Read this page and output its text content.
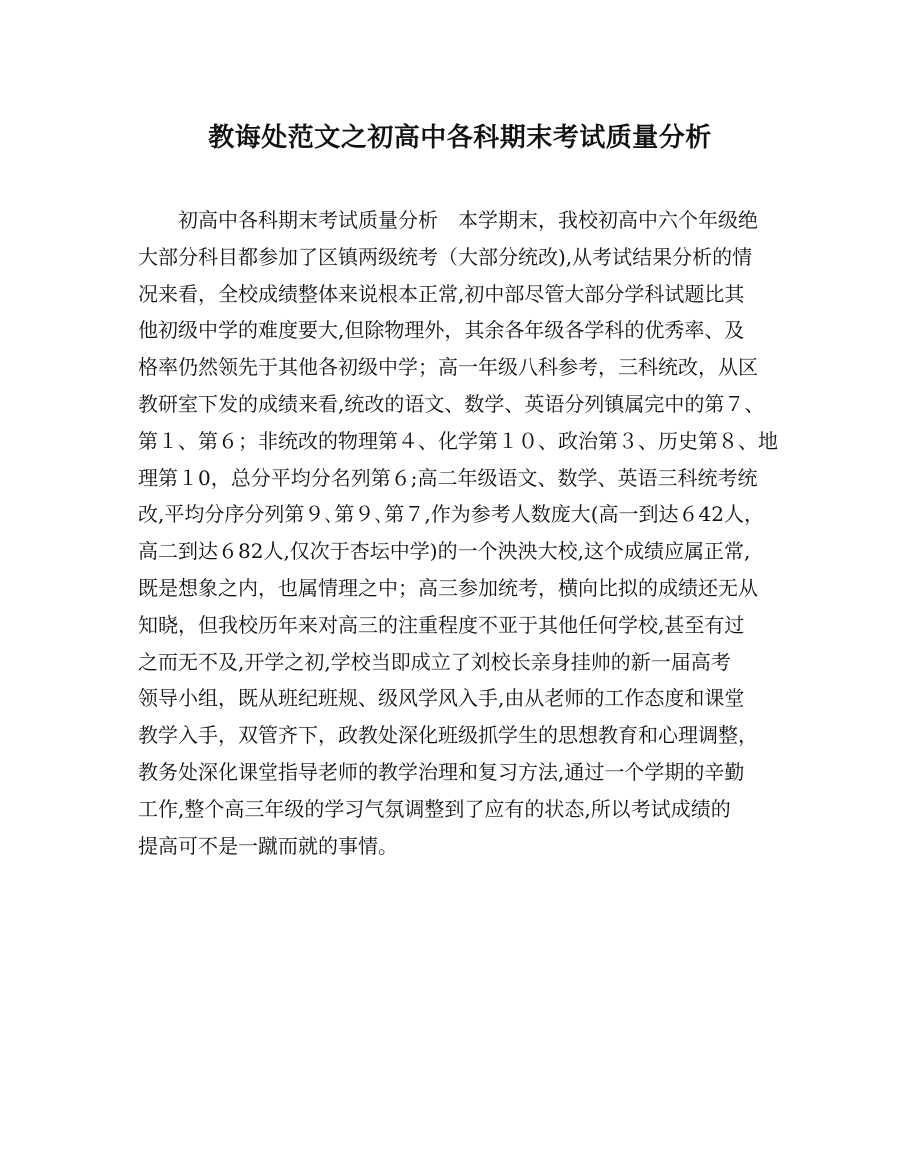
教诲处范文之初高中各科期末考试质量分析
初高中各科期末考试质量分析　本学期末，我校初高中六个年级绝
大部分科目都参加了区镇两级统考（大部分统改),从考试结果分析的情
况来看，全校成绩整体来说根本正常,初中部尽管大部分学科试题比其
他初级中学的难度要大,但除物理外，其余各年级各学科的优秀率、及
格率仍然领先于其他各初级中学；高一年级八科参考，三科统改，从区
教研室下发的成绩来看,统改的语文、数学、英语分列镇属完中的第７、
第１、第６；非统改的物理第４、化学第１０、政治第３、历史第８、地
理第１0，总分平均分名列第６;高二年级语文、数学、英语三科统考统
改,平均分序分列第９､第９､第７,作为参考人数庞大(高一到达６42人，
高二到达６82人,仅次于杏坛中学)的一个泱泱大校,这个成绩应属正常,
既是想象之内，也属情理之中；高三参加统考，横向比拟的成绩还无从
知晓，但我校历年来对高三的注重程度不亚于其他任何学校,甚至有过
之而无不及,开学之初,学校当即成立了刘校长亲身挂帅的新一届高考
领导小组，既从班纪班规、级风学风入手,由从老师的工作态度和课堂
教学入手，双管齐下，政教处深化班级抓学生的思想教育和心理调整，
教务处深化课堂指导老师的教学治理和复习方法,通过一个学期的辛勤
工作,整个高三年级的学习气氛调整到了应有的状态,所以考试成绩的
提高可不是一蹴而就的事情。
